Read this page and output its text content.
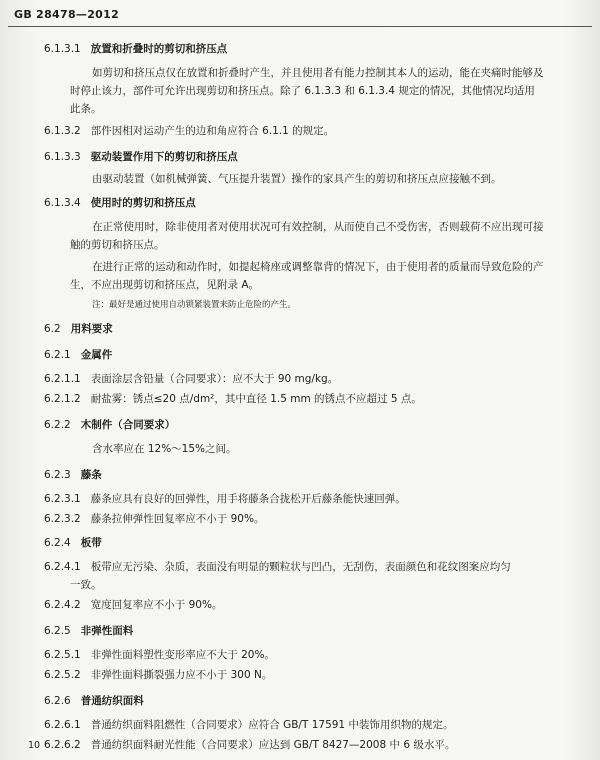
GB 28478—2012
6.1.3.1 放置和折叠时的剪切和挤压点
如剪切和挤压点仅在放置和折叠时产生，并且使用者有能力控制其本人的运动，能在夹痛时能够及
时停止该力，部件可允许出现剪切和挤压点。除了 6.1.3.3 和 6.1.3.4 规定的情况，其他情况均适用
此条。
6.1.3.2 部件因相对运动产生的边和角应符合 6.1.1 的规定。
6.1.3.3 驱动装置作用下的剪切和挤压点
由驱动装置（如机械弹簧、气压提升装置）操作的家具产生的剪切和挤压点应接触不到。
6.1.3.4 使用时的剪切和挤压点
在正常使用时，除非使用者对使用状况可有效控制，从而使自己不受伤害，否则载荷不应出现可接
触的剪切和挤压点。
在进行正常的运动和动作时，如提起椅座或调整靠背的情况下，由于使用者的质量而导致危险的产
生，不应出现剪切和挤压点，见附录 A。
注：最好是通过使用自动锁紧装置来防止危险的产生。
6.2 用料要求
6.2.1 金属件
6.2.1.1 表面涂层含铅量（合同要求）：应不大于 90 mg/kg。
6.2.1.2 耐盐雾：锈点≤20 点/dm²，其中直径 1.5 mm 的锈点不应超过 5 点。
6.2.2 木制件（合同要求）
含水率应在 12%～15%之间。
6.2.3 藤条
6.2.3.1 藤条应具有良好的回弹性，用手将藤条合拢松开后藤条能快速回弹。
6.2.3.2 藤条拉伸弹性回复率应不小于 90%。
6.2.4 板带
6.2.4.1 板带应无污染、杂质，表面没有明显的颗粒状与凹凸，无刮伤，表面颜色和花纹图案应均匀
一致。
6.2.4.2 宽度回复率应不小于 90%。
6.2.5 非弹性面料
6.2.5.1 非弹性面料塑性变形率应不大于 20%。
6.2.5.2 非弹性面料撕裂强力应不小于 300 N。
6.2.6 普通纺织面料
6.2.6.1 普通纺织面料阻燃性（合同要求）应符合 GB/T 17591 中装饰用织物的规定。
6.2.6.2 普通纺织面料耐光性能（合同要求）应达到 GB/T 8427—2008 中 6 级水平。
10
